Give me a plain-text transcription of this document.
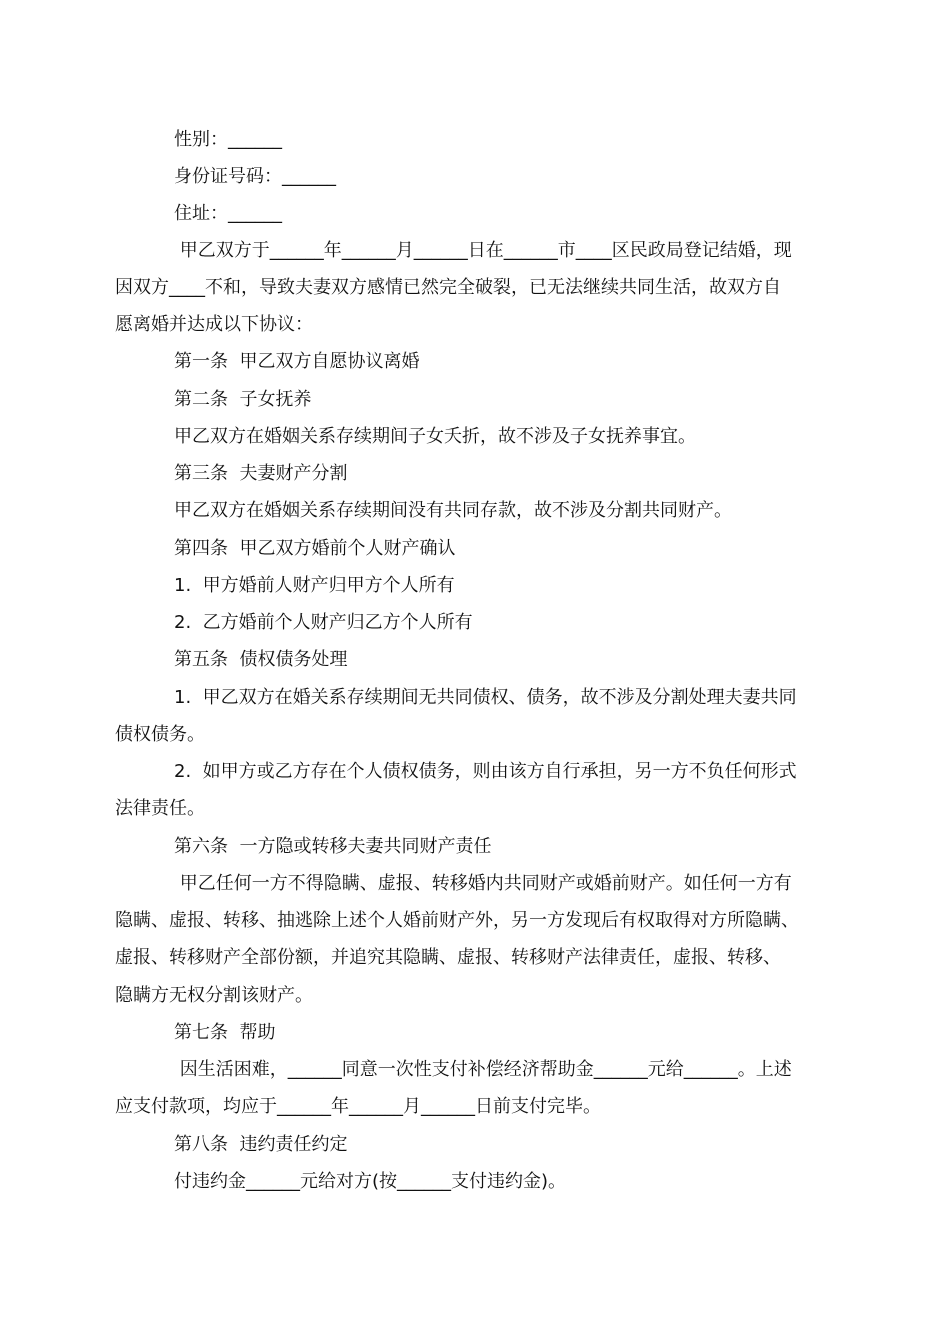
性别：______

身份证号码：______

住址：______

甲乙双方于______年______月______日在______市____区民政局登记结婚，现

因双方____不和，导致夫妻双方感情已然完全破裂，已无法继续共同生活，故双方自

愿离婚并达成以下协议：

第一条  甲乙双方自愿协议离婚

第二条  子女抚养

甲乙双方在婚姻关系存续期间子女夭折，故不涉及子女抚养事宜。

第三条  夫妻财产分割

甲乙双方在婚姻关系存续期间没有共同存款，故不涉及分割共同财产。

第四条  甲乙双方婚前个人财产确认

1.  甲方婚前人财产归甲方个人所有

2.  乙方婚前个人财产归乙方个人所有

第五条  债权债务处理

1.  甲乙双方在婚关系存续期间无共同债权、债务，故不涉及分割处理夫妻共同

债权债务。

2.  如甲方或乙方存在个人债权债务，则由该方自行承担，另一方不负任何形式

法律责任。

第六条  一方隐或转移夫妻共同财产责任

甲乙任何一方不得隐瞒、虚报、转移婚内共同财产或婚前财产。如任何一方有

隐瞒、虚报、转移、抽逃除上述个人婚前财产外，另一方发现后有权取得对方所隐瞒、

虚报、转移财产全部份额，并追究其隐瞒、虚报、转移财产法律责任，虚报、转移、

隐瞒方无权分割该财产。

第七条  帮助

因生活困难，______同意一次性支付补偿经济帮助金______元给______。上述

应支付款项，均应于______年______月______日前支付完毕。

第八条  违约责任约定

付违约金______元给对方(按______支付违约金)。
